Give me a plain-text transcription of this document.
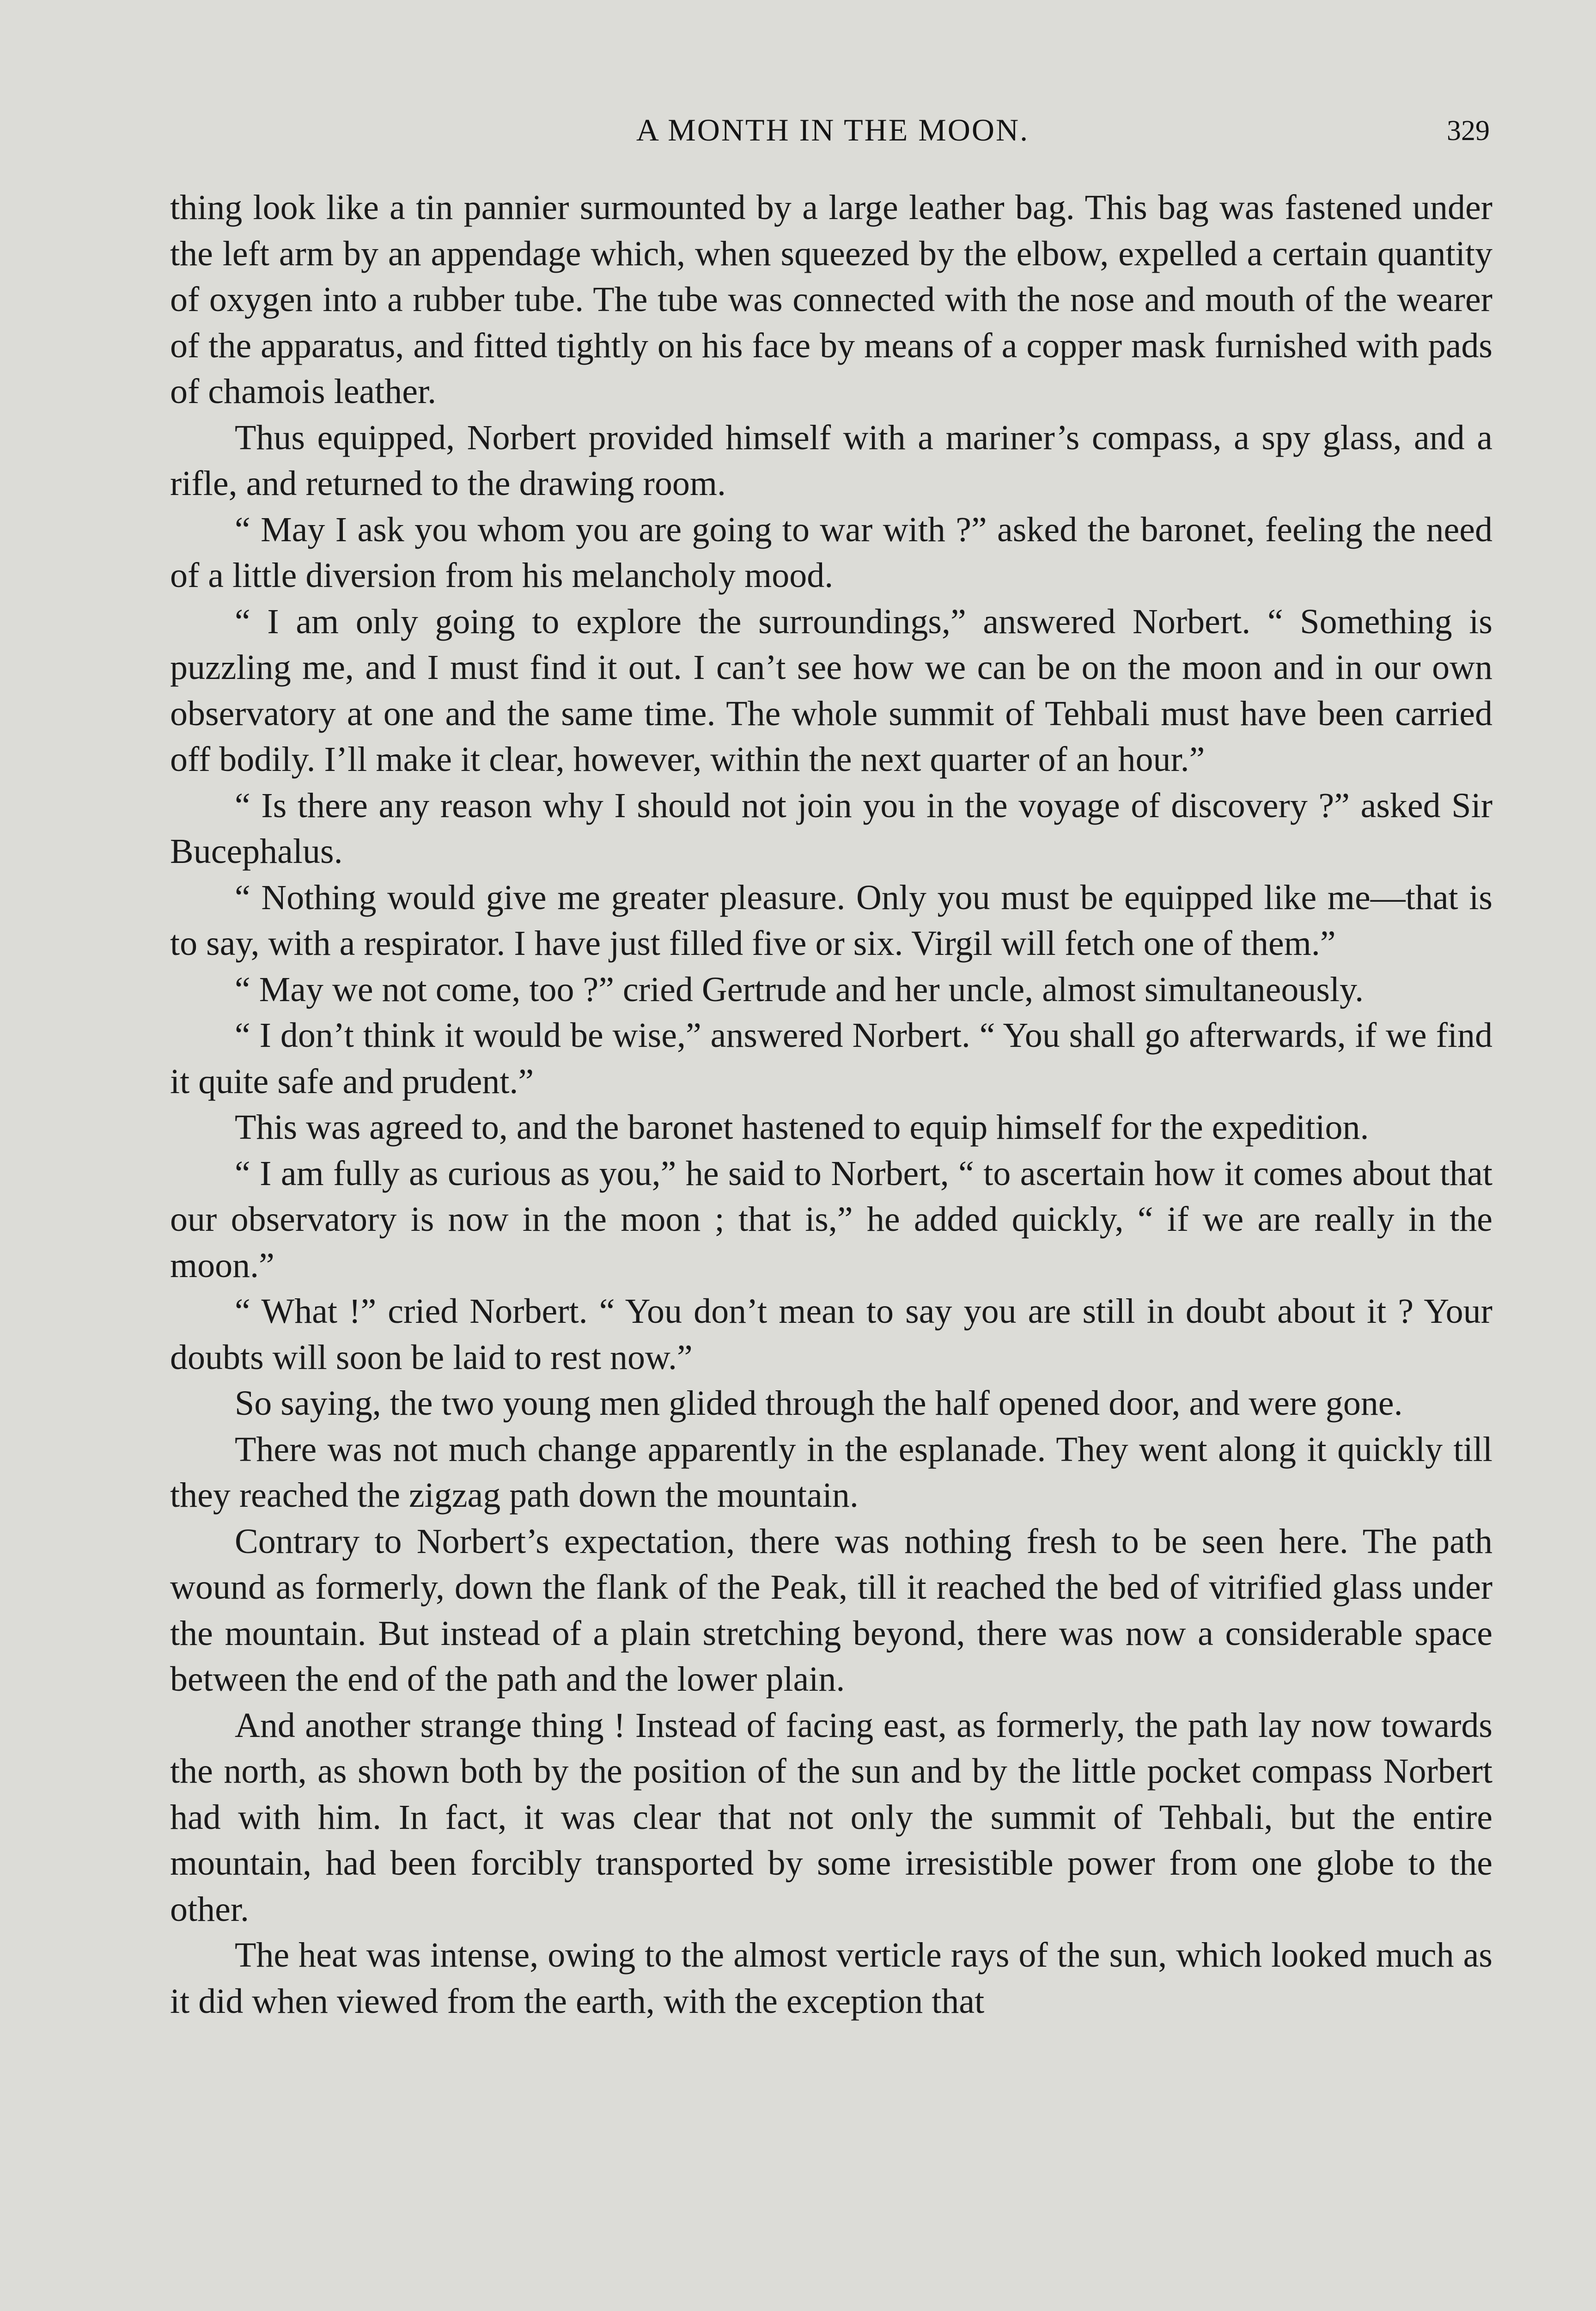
A MONTH IN THE MOON.	329

thing look like a tin pannier surmounted by a large leather bag. This bag was fastened under the left arm by an appendage which, when squeezed by the elbow, expelled a certain quantity of oxygen into a rubber tube. The tube was connected with the nose and mouth of the wearer of the apparatus, and fitted tightly on his face by means of a copper mask furnished with pads of chamois leather.

Thus equipped, Norbert provided himself with a mariner’s compass, a spy glass, and a rifle, and returned to the drawing room.

“ May I ask you whom you are going to war with ?” asked the baronet, feeling the need of a little diversion from his melancholy mood.

“ I am only going to explore the surroundings,” answered Norbert. “ Something is puzzling me, and I must find it out. I can’t see how we can be on the moon and in our own observatory at one and the same time. The whole summit of Tehbali must have been carried off bodily. I’ll make it clear, however, within the next quarter of an hour.”

“ Is there any reason why I should not join you in the voyage of discovery ?” asked Sir Bucephalus.

“ Nothing would give me greater pleasure. Only you must be equipped like me—that is to say, with a respirator. I have just filled five or six. Virgil will fetch one of them.”

“ May we not come, too ?” cried Gertrude and her uncle, almost simultaneously.

“ I don’t think it would be wise,” answered Norbert. “ You shall go afterwards, if we find it quite safe and prudent.”

This was agreed to, and the baronet hastened to equip himself for the expedition.

“ I am fully as curious as you,” he said to Norbert, “ to ascertain how it comes about that our observatory is now in the moon ; that is,” he added quickly, “ if we are really in the moon.”

“ What !” cried Norbert. “ You don’t mean to say you are still in doubt about it ? Your doubts will soon be laid to rest now.”

So saying, the two young men glided through the half opened door, and were gone.

There was not much change apparently in the esplanade. They went along it quickly till they reached the zigzag path down the mountain.

Contrary to Norbert’s expectation, there was nothing fresh to be seen here. The path wound as formerly, down the flank of the Peak, till it reached the bed of vitrified glass under the mountain. But instead of a plain stretching beyond, there was now a considerable space between the end of the path and the lower plain.

And another strange thing ! Instead of facing east, as formerly, the path lay now towards the north, as shown both by the position of the sun and by the little pocket compass Norbert had with him. In fact, it was clear that not only the summit of Tehbali, but the entire mountain, had been forcibly transported by some irresistible power from one globe to the other.

The heat was intense, owing to the almost verticle rays of the sun, which looked much as it did when viewed from the earth, with the exception that
